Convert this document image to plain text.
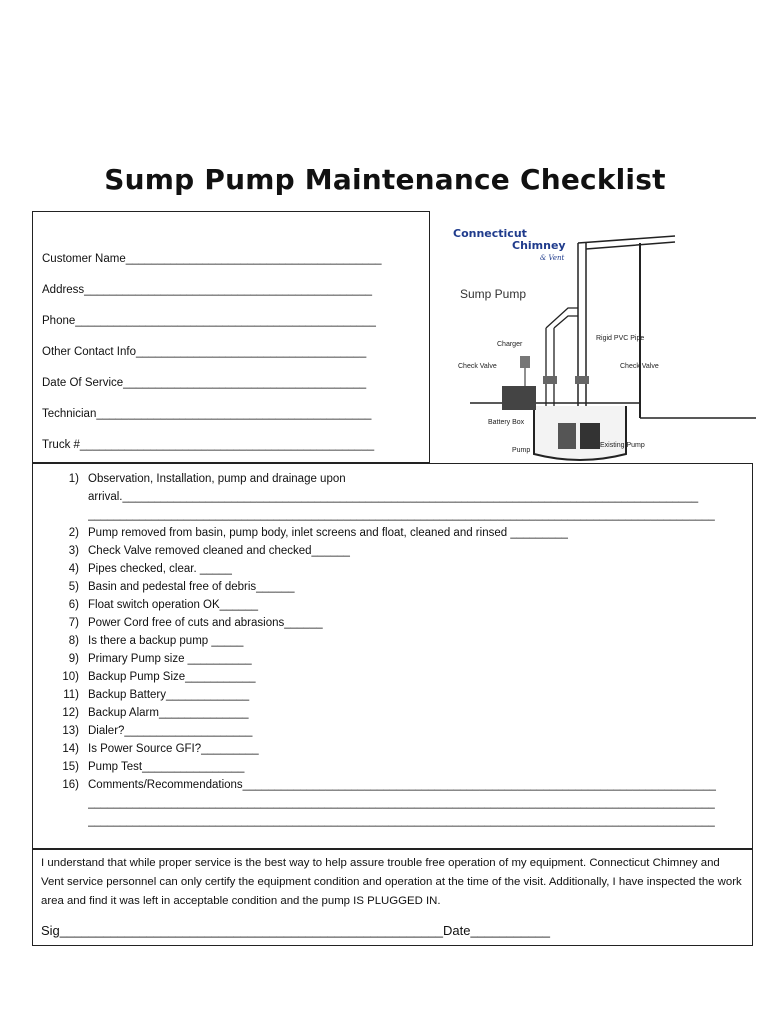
Sump Pump Maintenance Checklist
Customer Name________________________________________
Address_____________________________________________
Phone_______________________________________________
Other Contact Info____________________________________
Date Of Service______________________________________
Technician___________________________________________
Truck #______________________________________________
Connecticut
Chimney
& Vent
Sump Pump
Charger
Rigid PVC Pipe
Check Valve	Check Valve
Battery Box
Pump
Existing Pump
1) Observation, Installation, pump and drainage upon
arrival.__________________________________________________________________________________________
__________________________________________________________________________________________________
2) Pump removed from basin, pump body, inlet screens and float, cleaned and rinsed _________
3) Check Valve removed cleaned and checked______
4) Pipes checked, clear. _____
5) Basin and pedestal free of debris______
6) Float switch operation OK______
7) Power Cord free of cuts and abrasions______
8) Is there a backup pump _____
9) Primary Pump size __________
10) Backup Pump Size___________
11) Backup Battery_____________
12) Backup Alarm______________
13) Dialer?____________________
14) Is Power Source GFI?_________
15) Pump Test________________
16) Comments/Recommendations__________________________________________________________________________
__________________________________________________________________________________________________
__________________________________________________________________________________________________
I understand that while proper service is the best way to help assure trouble free operation of my equipment. Connecticut Chimney and Vent service personnel can only certify the equipment condition and operation at the time of the visit. Additionally, I have inspected the work area and find it was left in acceptable condition and the pump IS PLUGGED IN.
Sig_____________________________________________________Date___________
